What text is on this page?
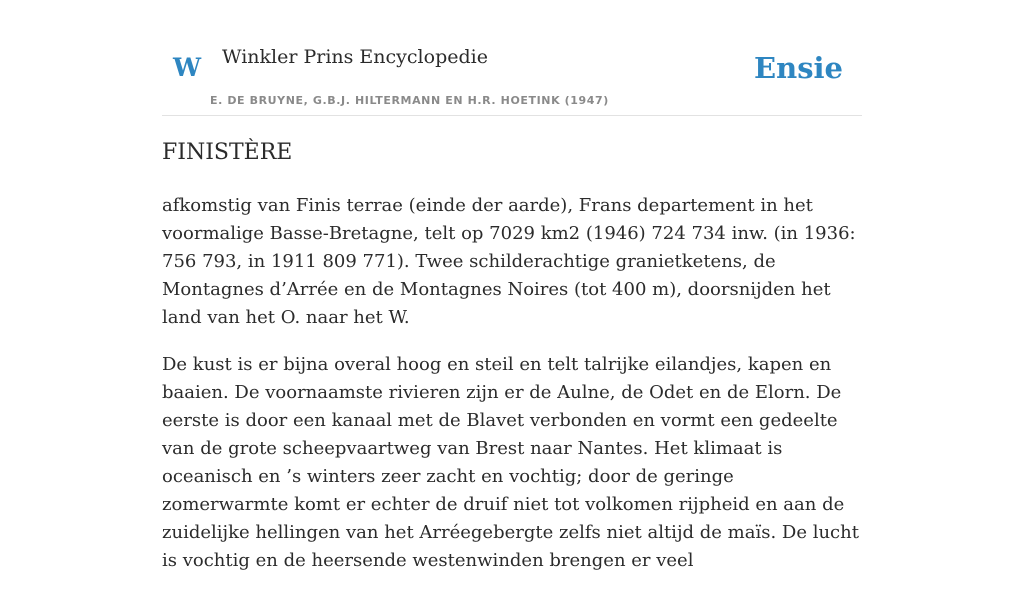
W Winkler Prins Encyclopedie
E. DE BRUYNE, G.B.J. HILTERMANN EN H.R. HOETINK (1947)
Ensie
FINISTÈRE

afkomstig van Finis terrae (einde der aarde), Frans departement in het voormalige Basse-Bretagne, telt op 7029 km2 (1946) 724 734 inw. (in 1936: 756 793, in 1911 809 771). Twee schilderachtige granietketens, de Montagnes d’Arrée en de Montagnes Noires (tot 400 m), doorsnijden het land van het O. naar het W.

De kust is er bijna overal hoog en steil en telt talrijke eilandjes, kapen en baaien. De voornaamste rivieren zijn er de Aulne, de Odet en de Elorn. De eerste is door een kanaal met de Blavet verbonden en vormt een gedeelte van de grote scheepvaartweg van Brest naar Nantes. Het klimaat is oceanisch en ’s winters zeer zacht en vochtig; door de geringe zomerwarmte komt er echter de druif niet tot volkomen rijpheid en aan de zuidelijke hellingen van het Arréegebergte zelfs niet altijd de maïs. De lucht is vochtig en de heersende westenwinden brengen er veel
